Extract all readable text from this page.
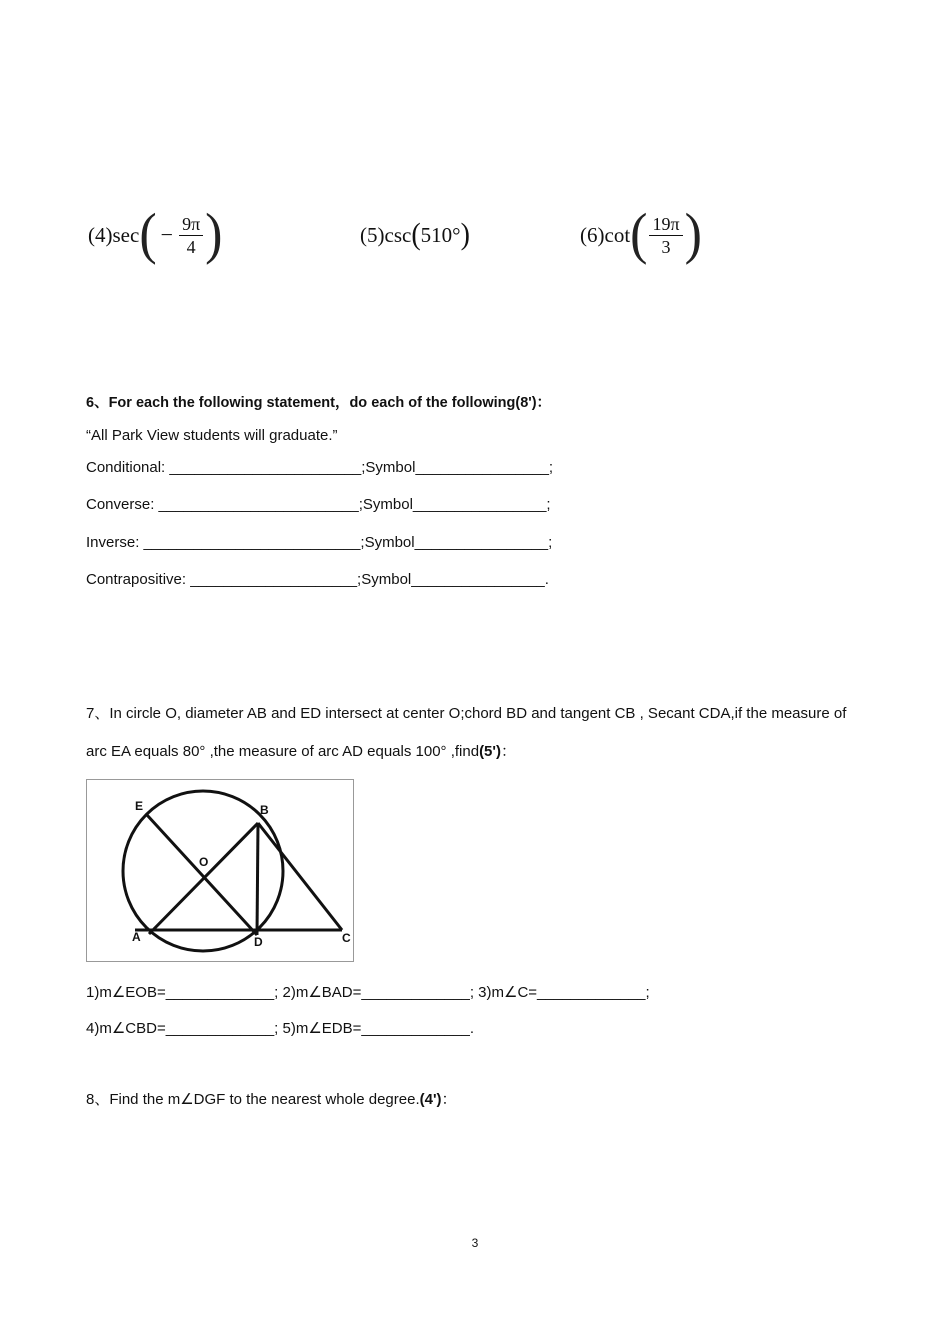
(4) sec ( − $\frac{9\pi}{4}$ )	(5) csc ( 510° )	(6) cot ( $\frac{19\pi}{3}$ )
6、For each the following statement，do each of the following(8')：
“All Park View students will graduate.”
Conditional: _______________________;Symbol________________;
Converse: ________________________;Symbol________________;
Inverse: __________________________;Symbol________________;
Contrapositive: ____________________;Symbol________________.
7、In circle O, diameter AB and ED intersect at center O;chord BD and tangent CB , Secant CDA,if the measure of
arc EA equals 80° ,the measure of arc AD equals 100° ,find(5')：
E	B
O
A	D	C
1)m∠EOB=_____________; 2)m∠BAD=_____________; 3)m∠C=_____________;
4)m∠CBD=_____________; 5)m∠EDB=_____________.
8、Find the m∠DGF to the nearest whole degree.(4')：
3
